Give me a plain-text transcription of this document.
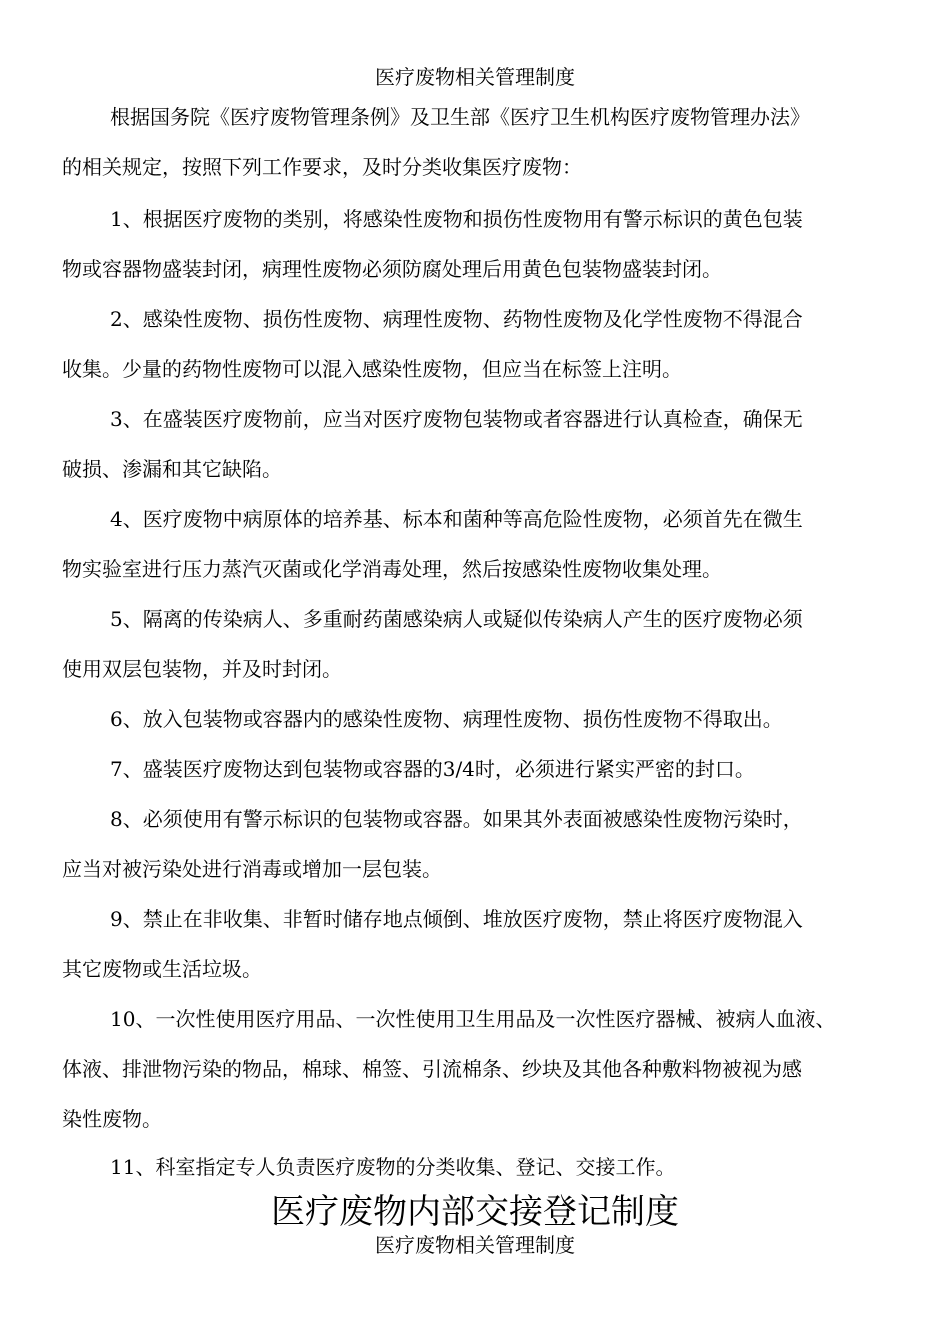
医疗废物相关管理制度
根据国务院《医疗废物管理条例》及卫生部《医疗卫生机构医疗废物管理办法》
的相关规定，按照下列工作要求，及时分类收集医疗废物：
1、根据医疗废物的类别，将感染性废物和损伤性废物用有警示标识的黄色包装
物或容器物盛装封闭，病理性废物必须防腐处理后用黄色包装物盛装封闭。
2、感染性废物、损伤性废物、病理性废物、药物性废物及化学性废物不得混合
收集。少量的药物性废物可以混入感染性废物，但应当在标签上注明。
3、在盛装医疗废物前，应当对医疗废物包装物或者容器进行认真检查，确保无
破损、渗漏和其它缺陷。
4、医疗废物中病原体的培养基、标本和菌种等高危险性废物，必须首先在微生
物实验室进行压力蒸汽灭菌或化学消毒处理，然后按感染性废物收集处理。
5、隔离的传染病人、多重耐药菌感染病人或疑似传染病人产生的医疗废物必须
使用双层包装物，并及时封闭。
6、放入包装物或容器内的感染性废物、病理性废物、损伤性废物不得取出。
7、盛装医疗废物达到包装物或容器的3/4时，必须进行紧实严密的封口。
8、必须使用有警示标识的包装物或容器。如果其外表面被感染性废物污染时，
应当对被污染处进行消毒或增加一层包装。
9、禁止在非收集、非暂时储存地点倾倒、堆放医疗废物，禁止将医疗废物混入
其它废物或生活垃圾。
10、一次性使用医疗用品、一次性使用卫生用品及一次性医疗器械、被病人血液、
体液、排泄物污染的物品，棉球、棉签、引流棉条、纱块及其他各种敷料物被视为感
染性废物。
11、科室指定专人负责医疗废物的分类收集、登记、交接工作。
医疗废物内部交接登记制度
医疗废物相关管理制度
